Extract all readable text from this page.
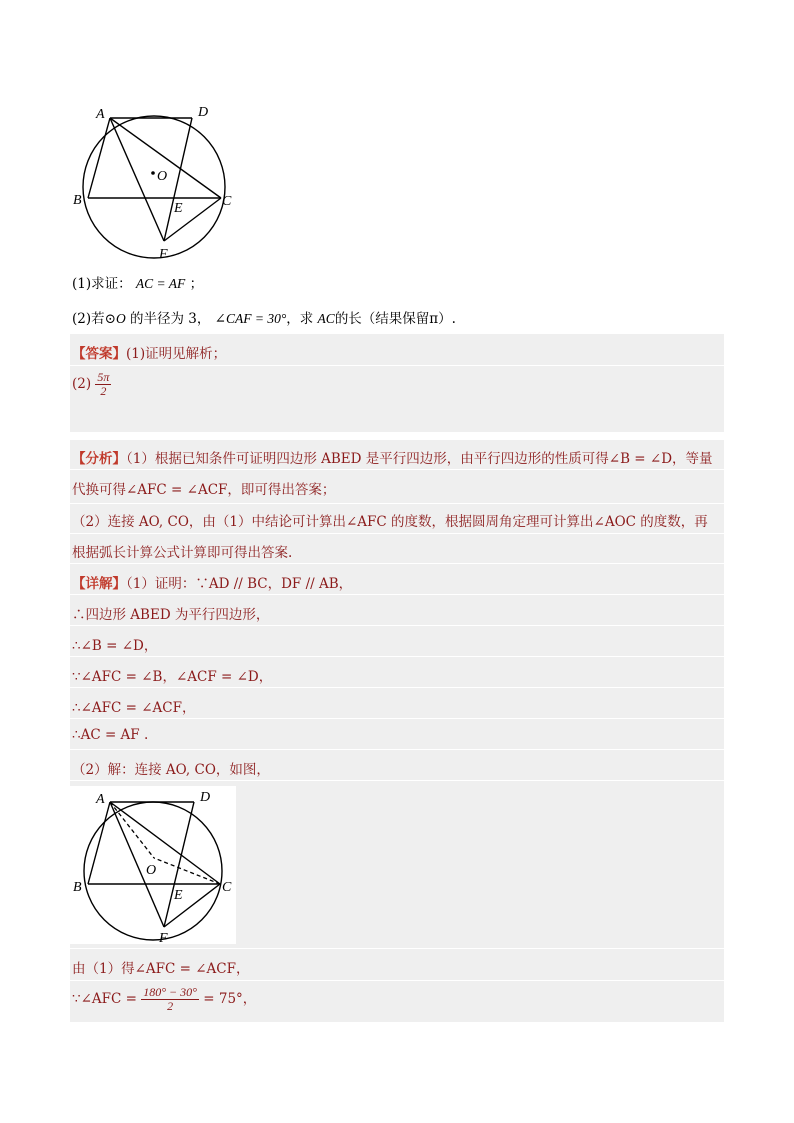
A	D
O
B
E	C
F
(1)求证： AC = AF ；
(2)若⊙O 的半径为 3， ∠CAF = 30°，求 AC的长（结果保留π）.
【答案】(1)证明见解析；
$(2) \frac{5\pi}{2}$
【分析】（1）根据已知条件可证明四边形 ABED 是平行四边形，由平行四边形的性质可得∠B = ∠D，等量
代换可得∠AFC = ∠ACF，即可得出答案；
（2）连接 AO, CO，由（1）中结论可计算出∠AFC 的度数，根据圆周角定理可计算出∠AOC 的度数，再
根据弧长计算公式计算即可得出答案.
【详解】（1）证明：∵AD // BC，DF // AB，
∴四边形 ABED 为平行四边形，
∴∠B = ∠D，
∵∠AFC = ∠B，∠ACF = ∠D，
∴∠AFC = ∠ACF，
∴AC = AF .
（2）解：连接 AO, CO，如图，
A	D
O
B
E
C
F
由（1）得∠AFC = ∠ACF，
∵∠AFC = $\frac{180^\circ - 30^\circ}{2} = 75^\circ$，
